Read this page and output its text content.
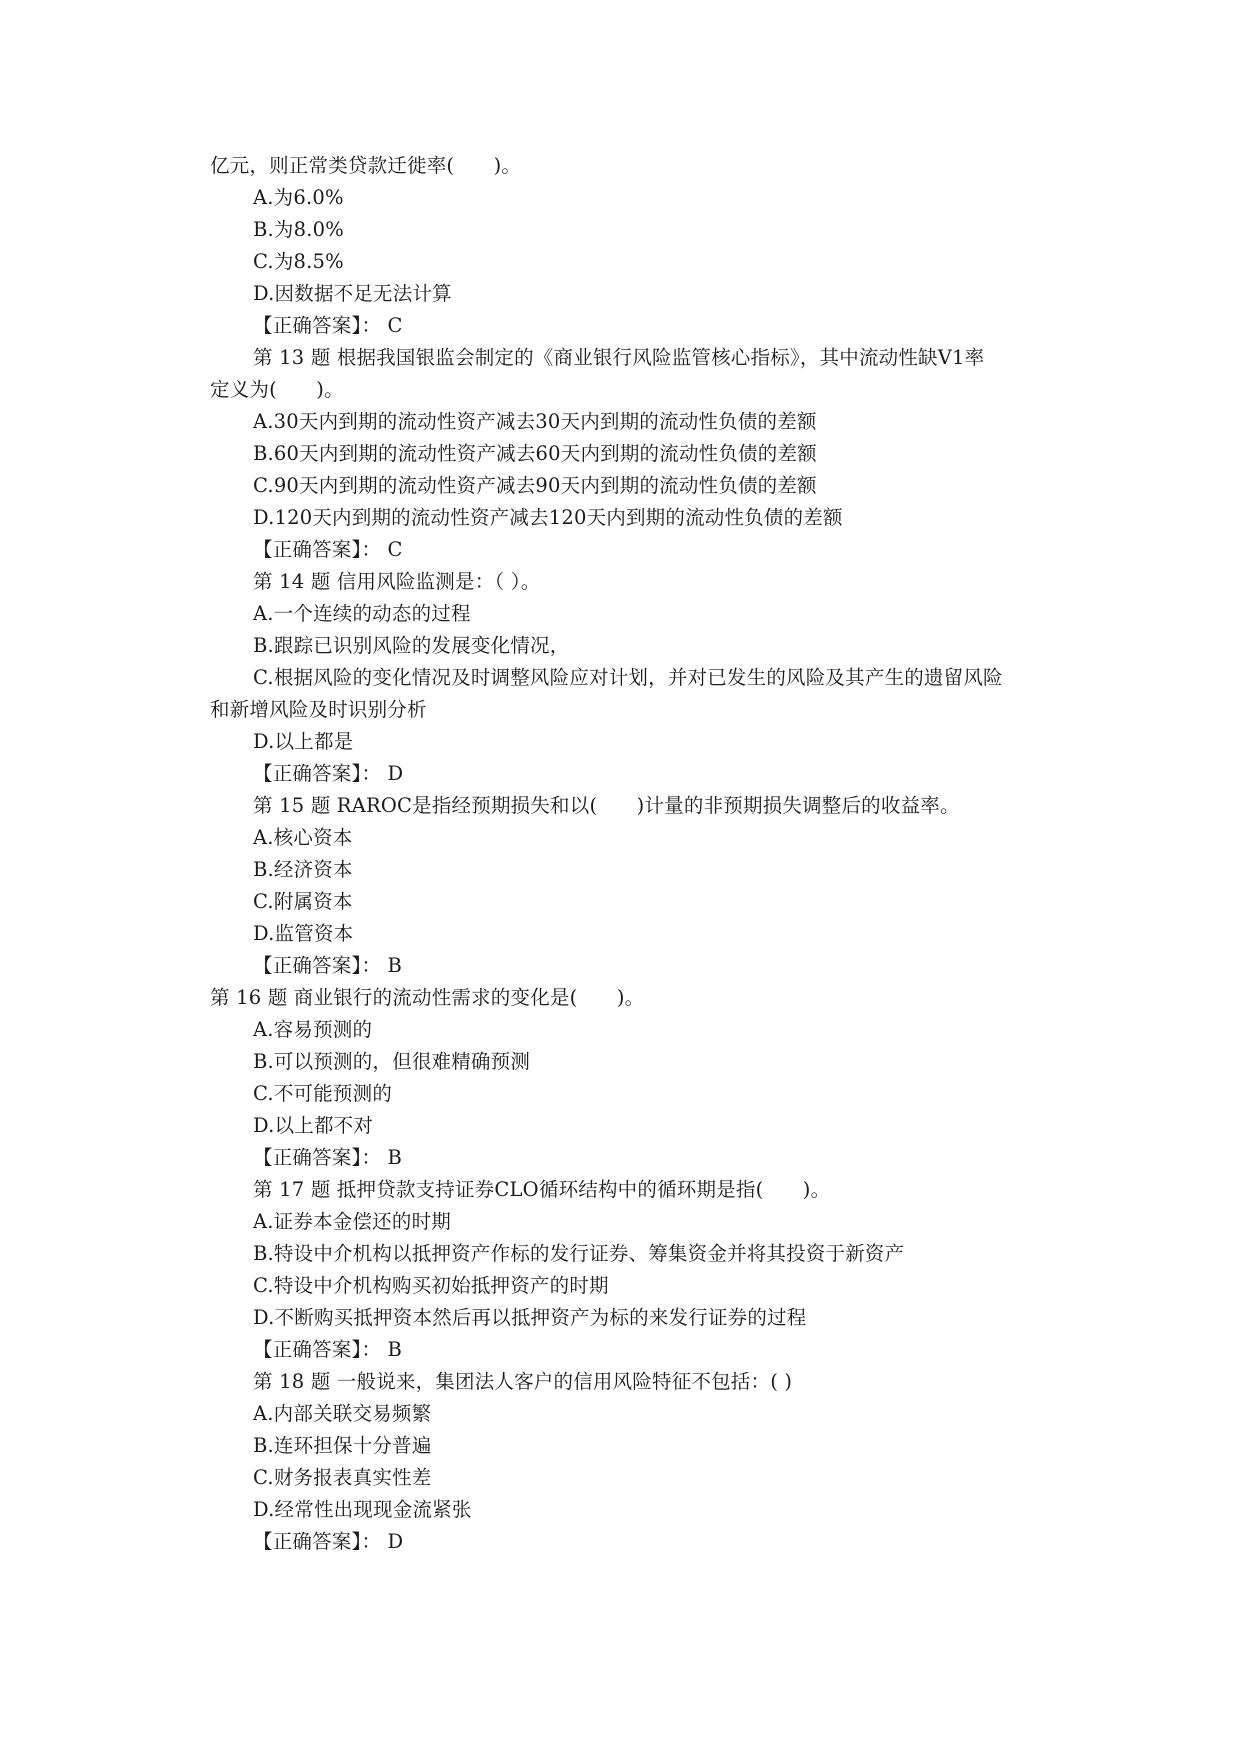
亿元，则正常类贷款迁徙率(　　)。
A.为6.0%
B.为8.0%
C.为8.5%
D.因数据不足无法计算
【正确答案】： C
第 13 题 根据我国银监会制定的《商业银行风险监管核心指标》，其中流动性缺V1率
定义为(　　)。
A.30天内到期的流动性资产减去30天内到期的流动性负债的差额
B.60天内到期的流动性资产减去60天内到期的流动性负债的差额
C.90天内到期的流动性资产减去90天内到期的流动性负债的差额
D.120天内到期的流动性资产减去120天内到期的流动性负债的差额
【正确答案】： C
第 14 题 信用风险监测是：（ ）。
A.一个连续的动态的过程
B.跟踪已识别风险的发展变化情况，
C.根据风险的变化情况及时调整风险应对计划，并对已发生的风险及其产生的遗留风险
和新增风险及时识别分析
D.以上都是
【正确答案】： D
第 15 题 RAROC是指经预期损失和以(　　)计量的非预期损失调整后的收益率。
A.核心资本
B.经济资本
C.附属资本
D.监管资本
【正确答案】： B
第 16 题 商业银行的流动性需求的变化是(　　)。
A.容易预测的
B.可以预测的，但很难精确预测
C.不可能预测的
D.以上都不对
【正确答案】： B
第 17 题 抵押贷款支持证券CLO循环结构中的循环期是指(　　)。
A.证券本金偿还的时期
B.特设中介机构以抵押资产作标的发行证券、筹集资金并将其投资于新资产
C.特设中介机构购买初始抵押资产的时期
D.不断购买抵押资本然后再以抵押资产为标的来发行证券的过程
【正确答案】： B
第 18 题 一般说来，集团法人客户的信用风险特征不包括：( )
A.内部关联交易频繁
B.连环担保十分普遍
C.财务报表真实性差
D.经常性出现现金流紧张
【正确答案】： D
